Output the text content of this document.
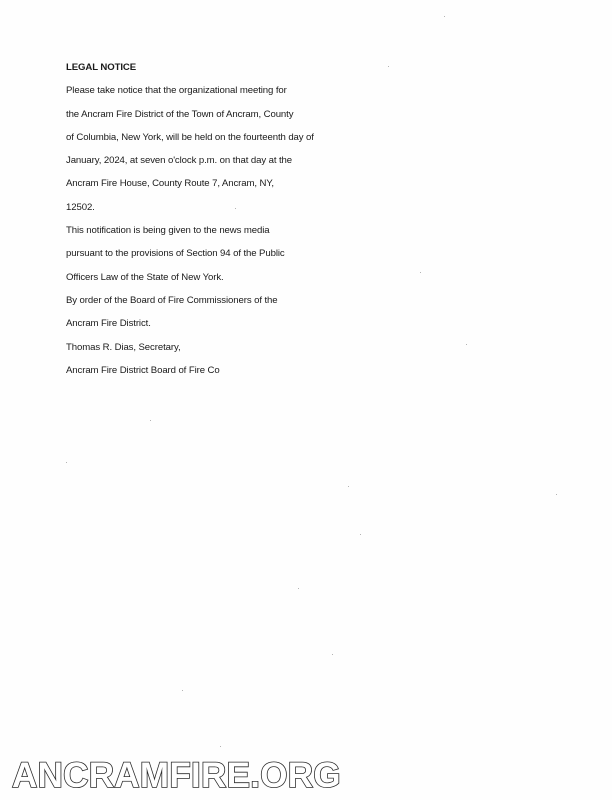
LEGAL NOTICE
Please take notice that the organizational meeting for
the Ancram Fire District of the Town of Ancram, County
of Columbia, New York, will be held on the fourteenth day of
January, 2024, at seven o'clock p.m. on that day at the
Ancram Fire House, County Route 7, Ancram, NY,
12502.
This notification is being given to the news media
pursuant to the provisions of Section 94 of the Public
Officers Law of the State of New York.
By order of the Board of Fire Commissioners of the
Ancram Fire District.
Thomas R. Dias, Secretary,
Ancram Fire District Board of Fire Co
ANCRAMFIRE.ORG
